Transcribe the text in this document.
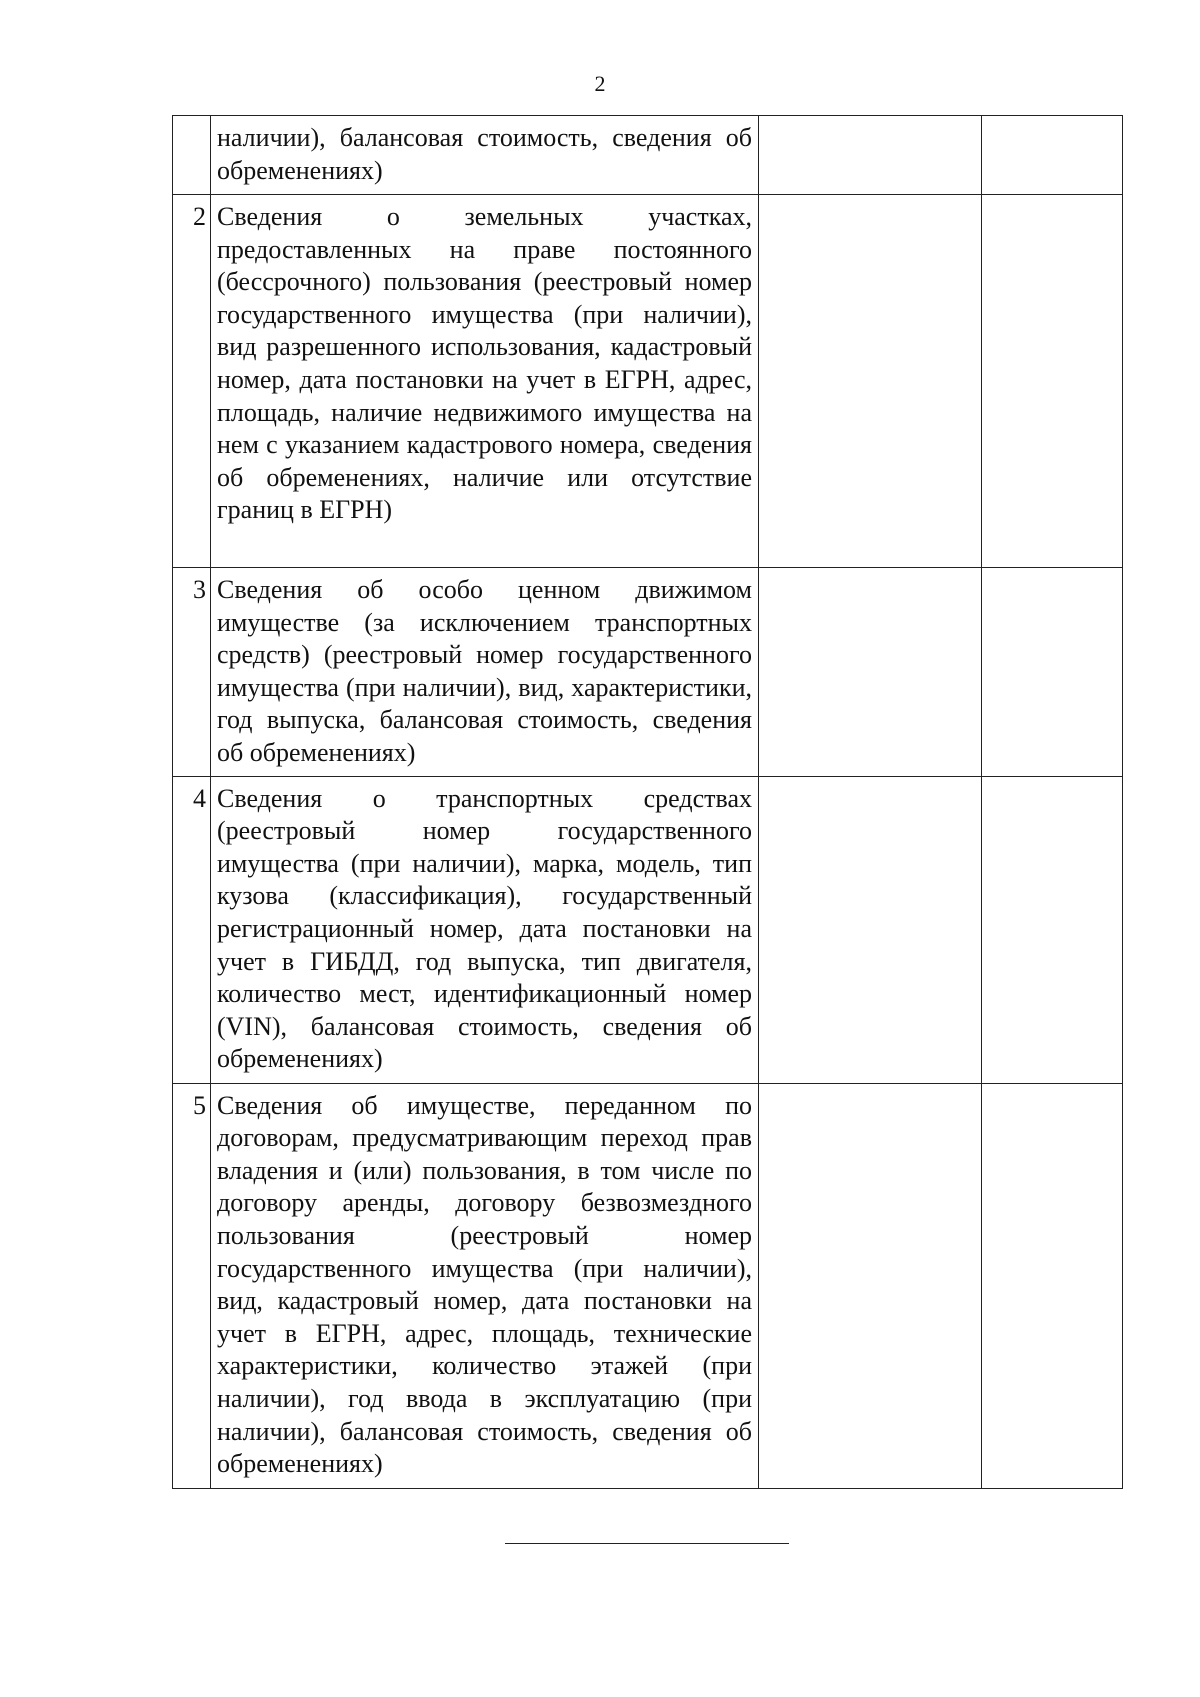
2
	наличии), балансовая стоимость, сведения об обременениях)		
2	Сведения о земельных участках, предоставленных на праве постоянного (бессрочного) пользования (реестровый номер государственного имущества (при наличии), вид разрешенного использования, кадастровый номер, дата постановки на учет в ЕГРН, адрес, площадь, наличие недвижимого имущества на нем с указанием кадастрового номера, сведения об обременениях, наличие или отсутствие границ в ЕГРН)		
3	Сведения об особо ценном движимом имуществе (за исключением транспортных средств) (реестровый номер государственного имущества (при наличии), вид, характеристики, год выпуска, балансовая стоимость, сведения об обременениях)		
4	Сведения о транспортных средствах (реестровый номер государственного имущества (при наличии), марка, модель, тип кузова (классификация), государственный регистрационный номер, дата постановки на учет в ГИБДД, год выпуска, тип двигателя, количество мест, идентификационный номер (VIN), балансовая стоимость, сведения об обременениях)		
5	Сведения об имуществе, переданном по договорам, предусматривающим переход прав владения и (или) пользования, в том числе по договору аренды, договору безвозмездного пользования (реестровый номер государственного имущества (при наличии), вид, кадастровый номер, дата постановки на учет в ЕГРН, адрес, площадь, технические характеристики, количество этажей (при наличии), год ввода в эксплуатацию (при наличии), балансовая стоимость, сведения об обременениях)		
